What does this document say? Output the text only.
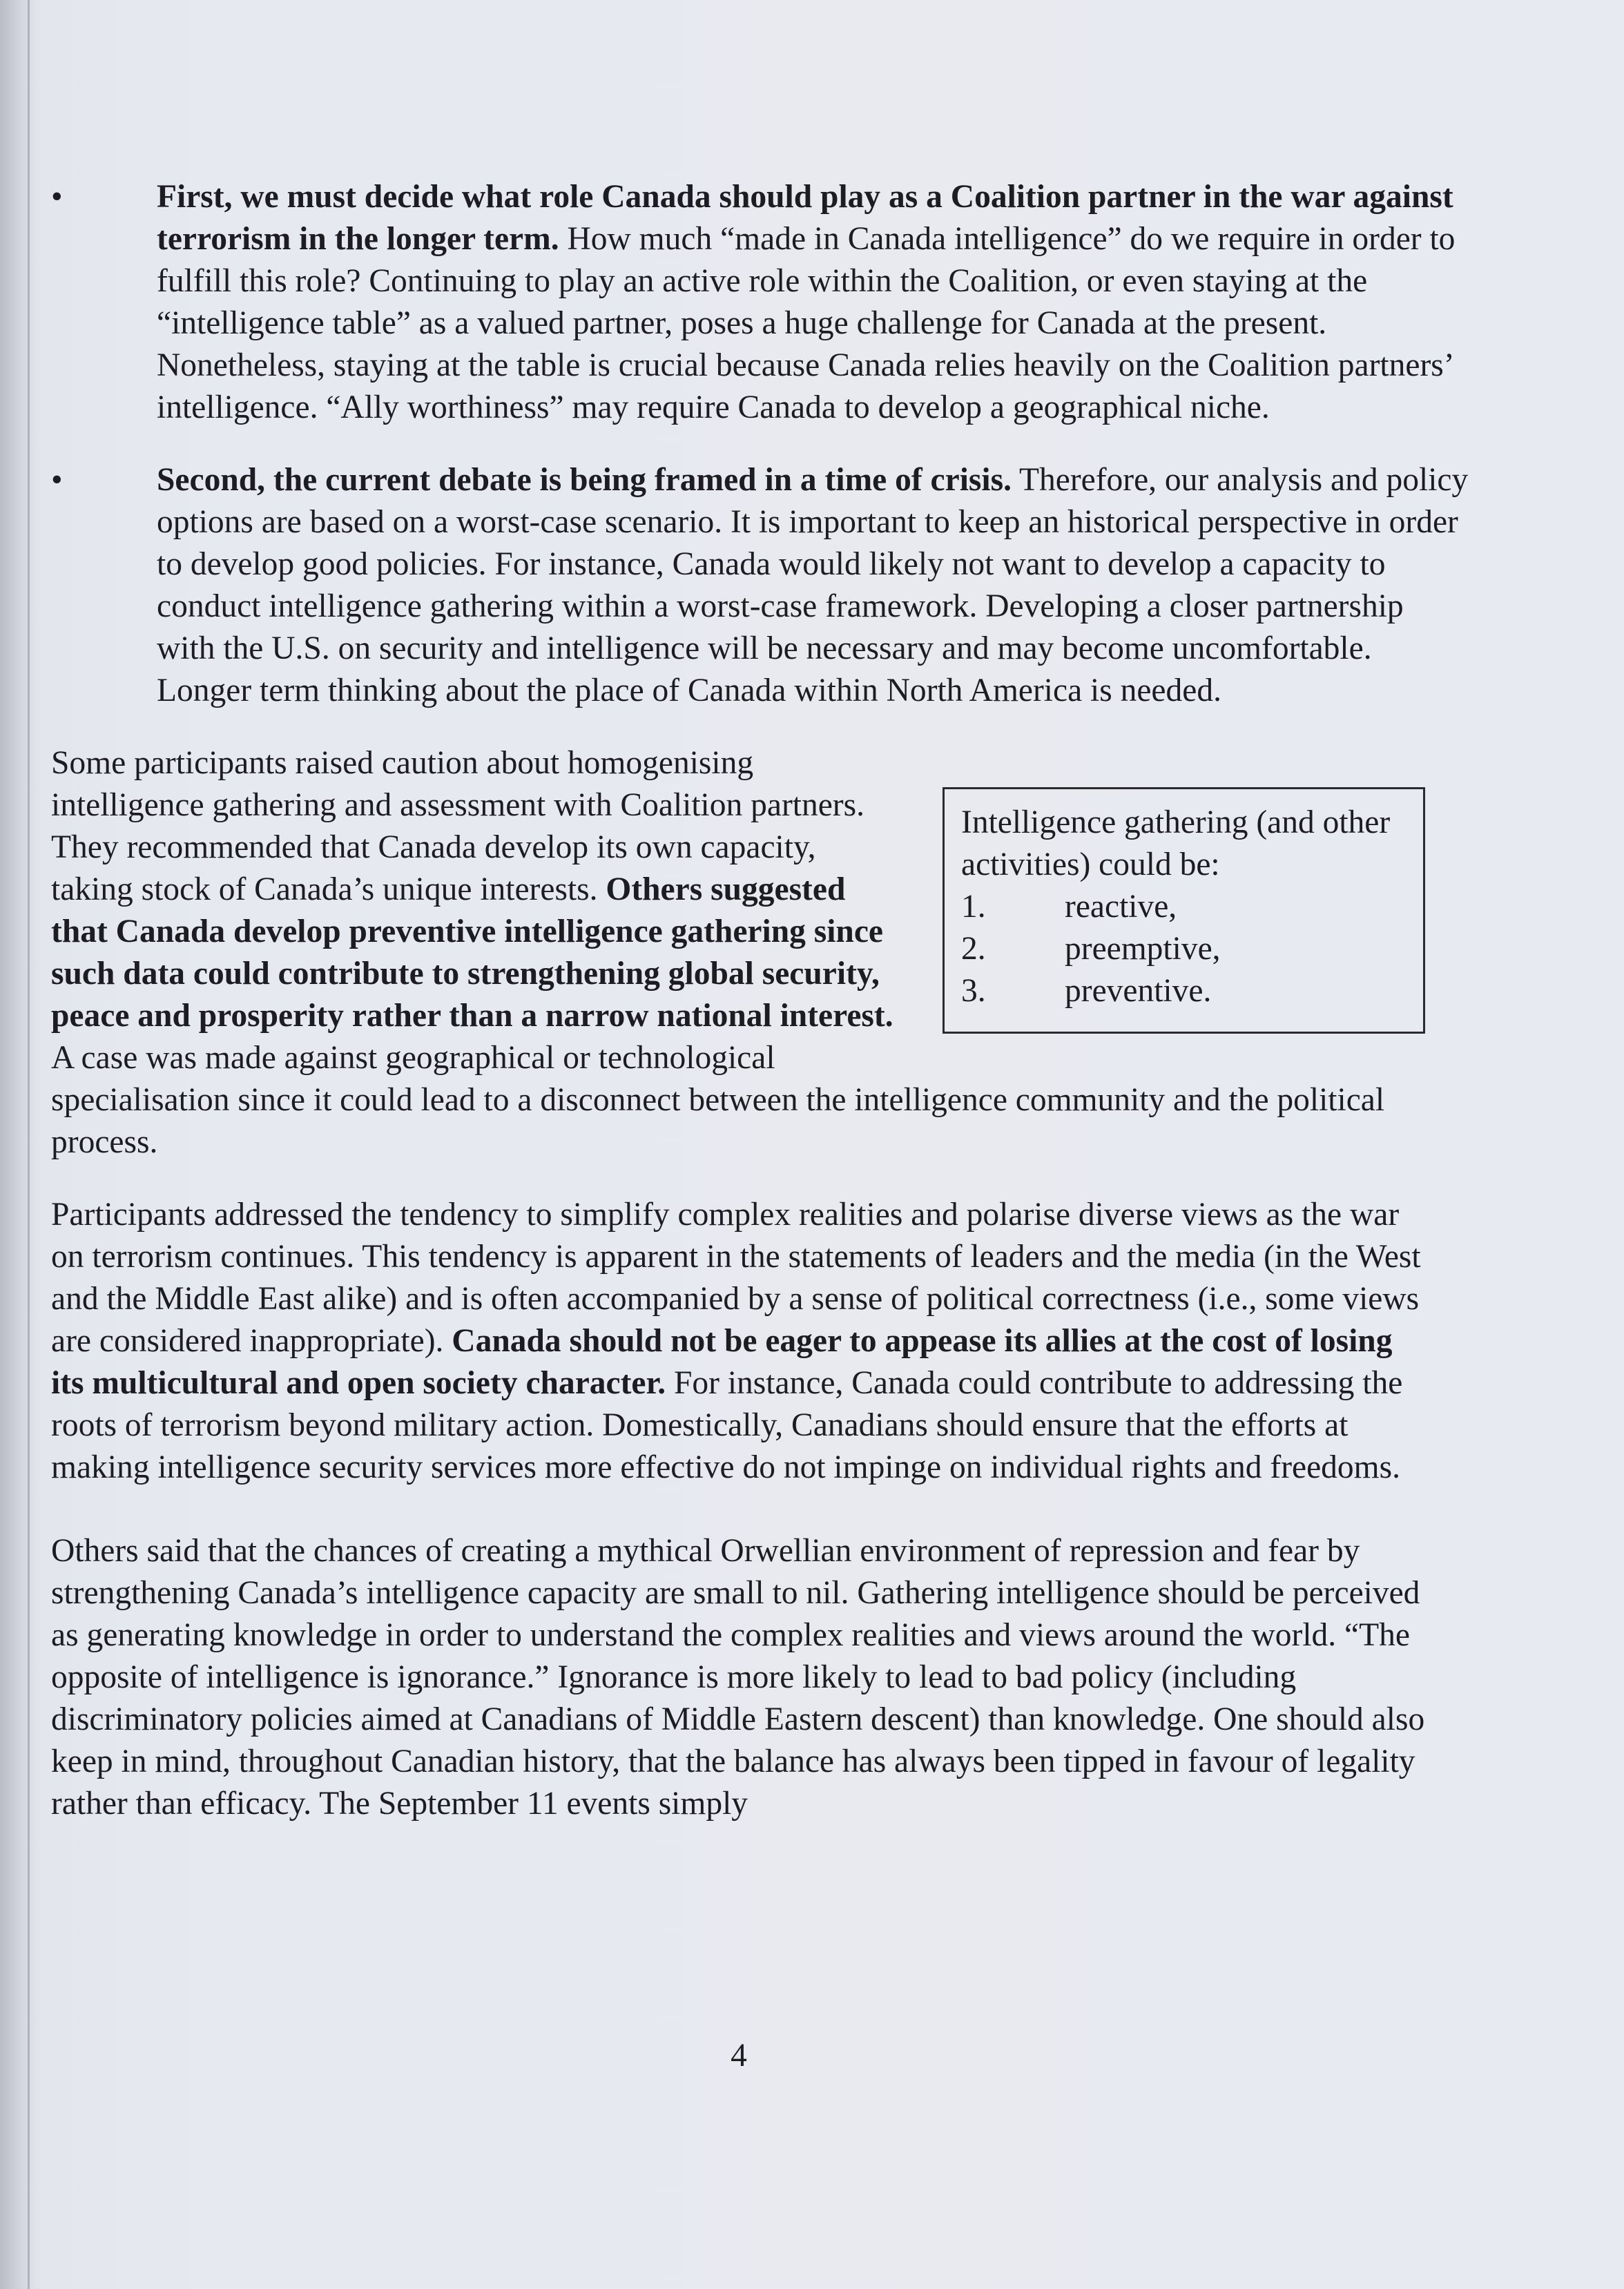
•	First, we must decide what role Canada should play as a Coalition partner in the war against terrorism in the longer term. How much “made in Canada intelligence” do we require in order to fulfill this role? Continuing to play an active role within the Coalition, or even staying at the “intelligence table” as a valued partner, poses a huge challenge for Canada at the present. Nonetheless, staying at the table is crucial because Canada relies heavily on the Coalition partners’ intelligence. “Ally worthiness” may require Canada to develop a geographical niche.

•	Second, the current debate is being framed in a time of crisis. Therefore, our analysis and policy options are based on a worst-case scenario. It is important to keep an historical perspective in order to develop good policies. For instance, Canada would likely not want to develop a capacity to conduct intelligence gathering within a worst-case framework. Developing a closer partnership with the U.S. on security and intelligence will be necessary and may become uncomfortable. Longer term thinking about the place of Canada within North America is needed.

Intelligence gathering (and other activities) could be:
1.	reactive,
2.	preemptive,
3.	preventive.

Some participants raised caution about homogenising intelligence gathering and assessment with Coalition partners. They recommended that Canada develop its own capacity, taking stock of Canada’s unique interests. Others suggested that Canada develop preventive intelligence gathering since such data could contribute to strengthening global security, peace and prosperity rather than a narrow national interest. A case was made against geographical or technological specialisation since it could lead to a disconnect between the intelligence community and the political process.

Participants addressed the tendency to simplify complex realities and polarise diverse views as the war on terrorism continues. This tendency is apparent in the statements of leaders and the media (in the West and the Middle East alike) and is often accompanied by a sense of political correctness (i.e., some views are considered inappropriate). Canada should not be eager to appease its allies at the cost of losing its multicultural and open society character. For instance, Canada could contribute to addressing the roots of terrorism beyond military action. Domestically, Canadians should ensure that the efforts at making intelligence security services more effective do not impinge on individual rights and freedoms.

Others said that the chances of creating a mythical Orwellian environment of repression and fear by strengthening Canada’s intelligence capacity are small to nil. Gathering intelligence should be perceived as generating knowledge in order to understand the complex realities and views around the world. “The opposite of intelligence is ignorance.” Ignorance is more likely to lead to bad policy (including discriminatory policies aimed at Canadians of Middle Eastern descent) than knowledge. One should also keep in mind, throughout Canadian history, that the balance has always been tipped in favour of legality rather than efficacy. The September 11 events simply

4
